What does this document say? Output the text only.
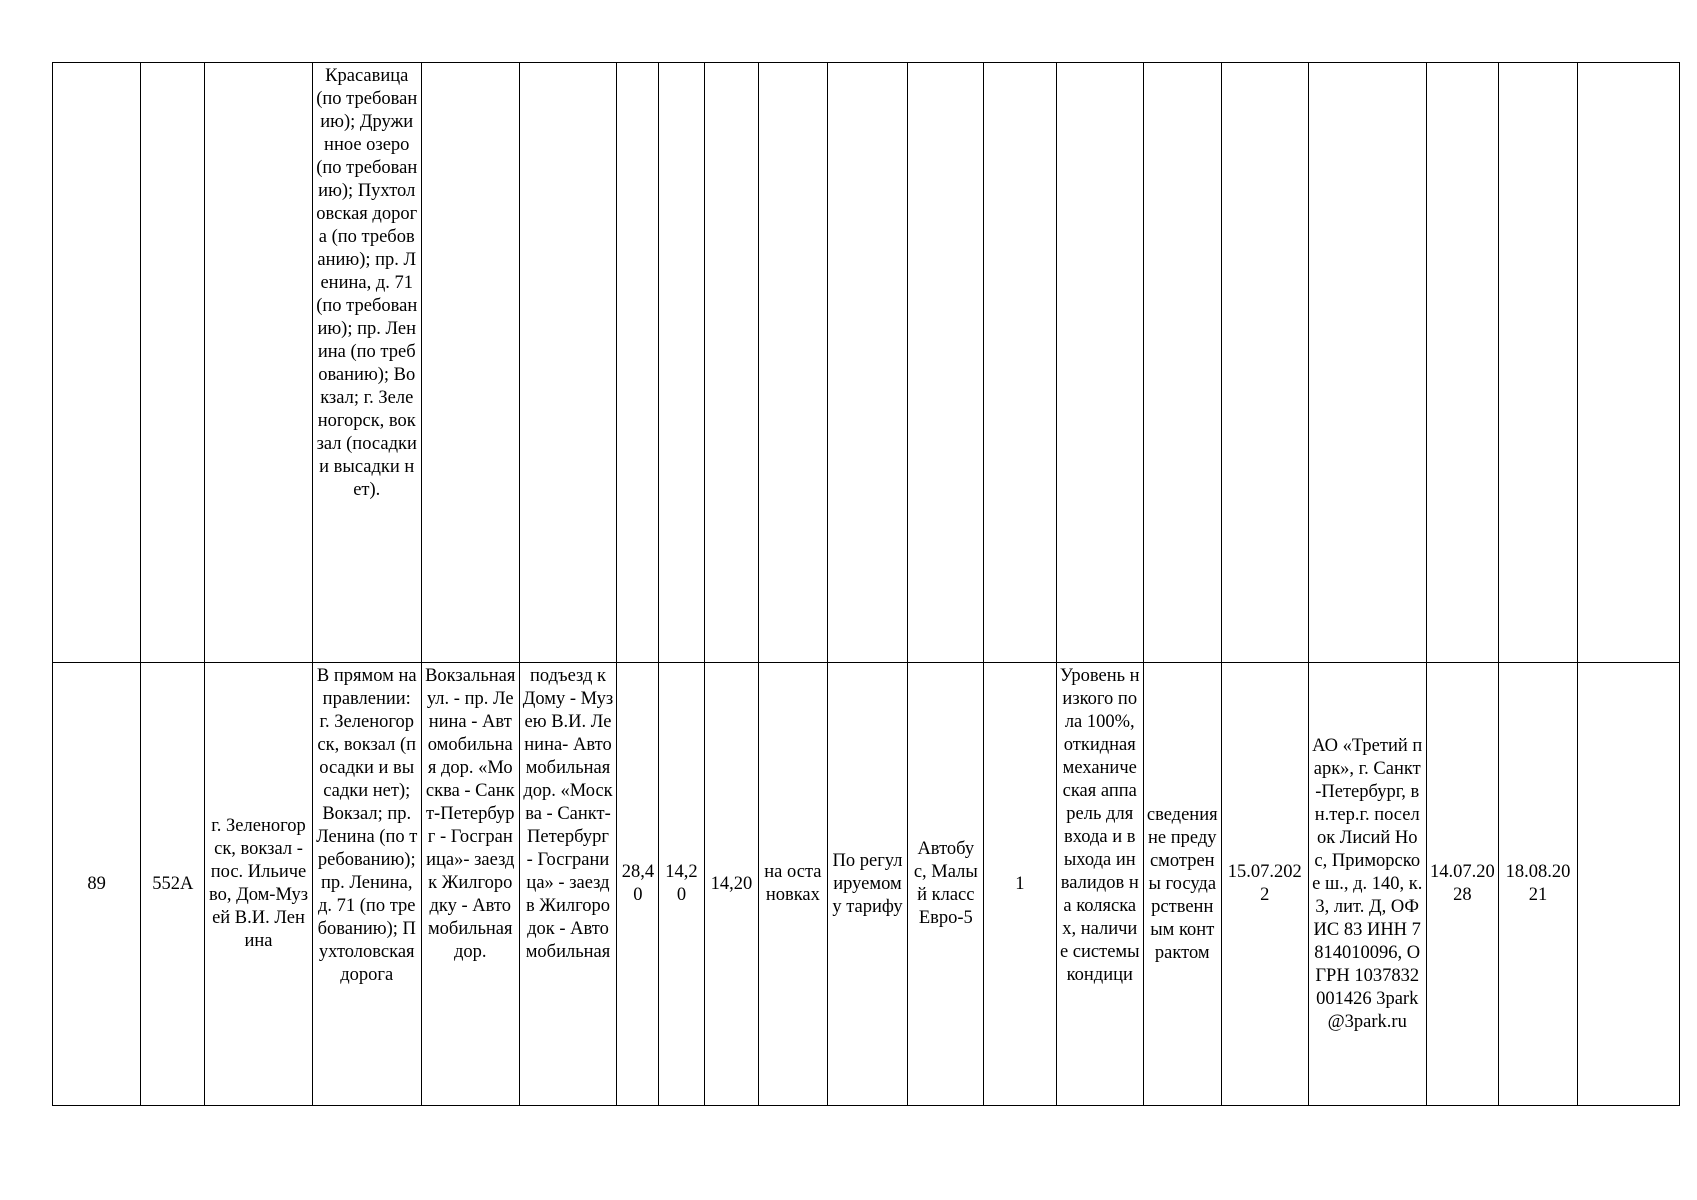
			Красавица (по требованию); Дружинное озеро (по требованию); Пухтоловская дорога (по требованию); пр. Ленина, д. 71 (по требованию); пр. Ленина (по требованию); Вокзал; г. Зеленогорск, вокзал (посадки и высадки нет).																
89	552А	г. Зеленогорск, вокзал - пос. Ильичево, Дом-Музей В.И. Ленина	В прямом направлении: г. Зеленогорск, вокзал (посадки и высадки нет); Вокзал; пр. Ленина (по требованию); пр. Ленина, д. 71 (по требованию); Пухтоловская дорога	Вокзальная ул. - пр. Ленина - Автомобильная дор. «Москва - Санкт-Петербург - Госграница»- заезд к Жилгородку - Автомобильная дор.	подъезд к Дому - Музею В.И. Ленина- Автомобильная дор. «Москва - Санкт-Петербург - Госграница» - заезд в Жилгородок - Автомобильная	28,40	14,20	14,20	на остановках	По регулируемому тарифу	Автобус, Малый класс Евро-5	1	Уровень низкого пола 100%, откидная механическая аппарель для входа и выхода инвалидов на колясках, наличие системы кондици	сведения не предусмотрены государственным контрактом	15.07.2022	АО «Третий парк», г. Санкт-Петербург, вн.тер.г. поселок Лисий Нос, Приморское ш., д. 140, к. 3, лит. Д, ОФИС 83 ИНН 7814010096, ОГРН 1037832001426 3park@3park.ru	14.07.2028	18.08.2021	
